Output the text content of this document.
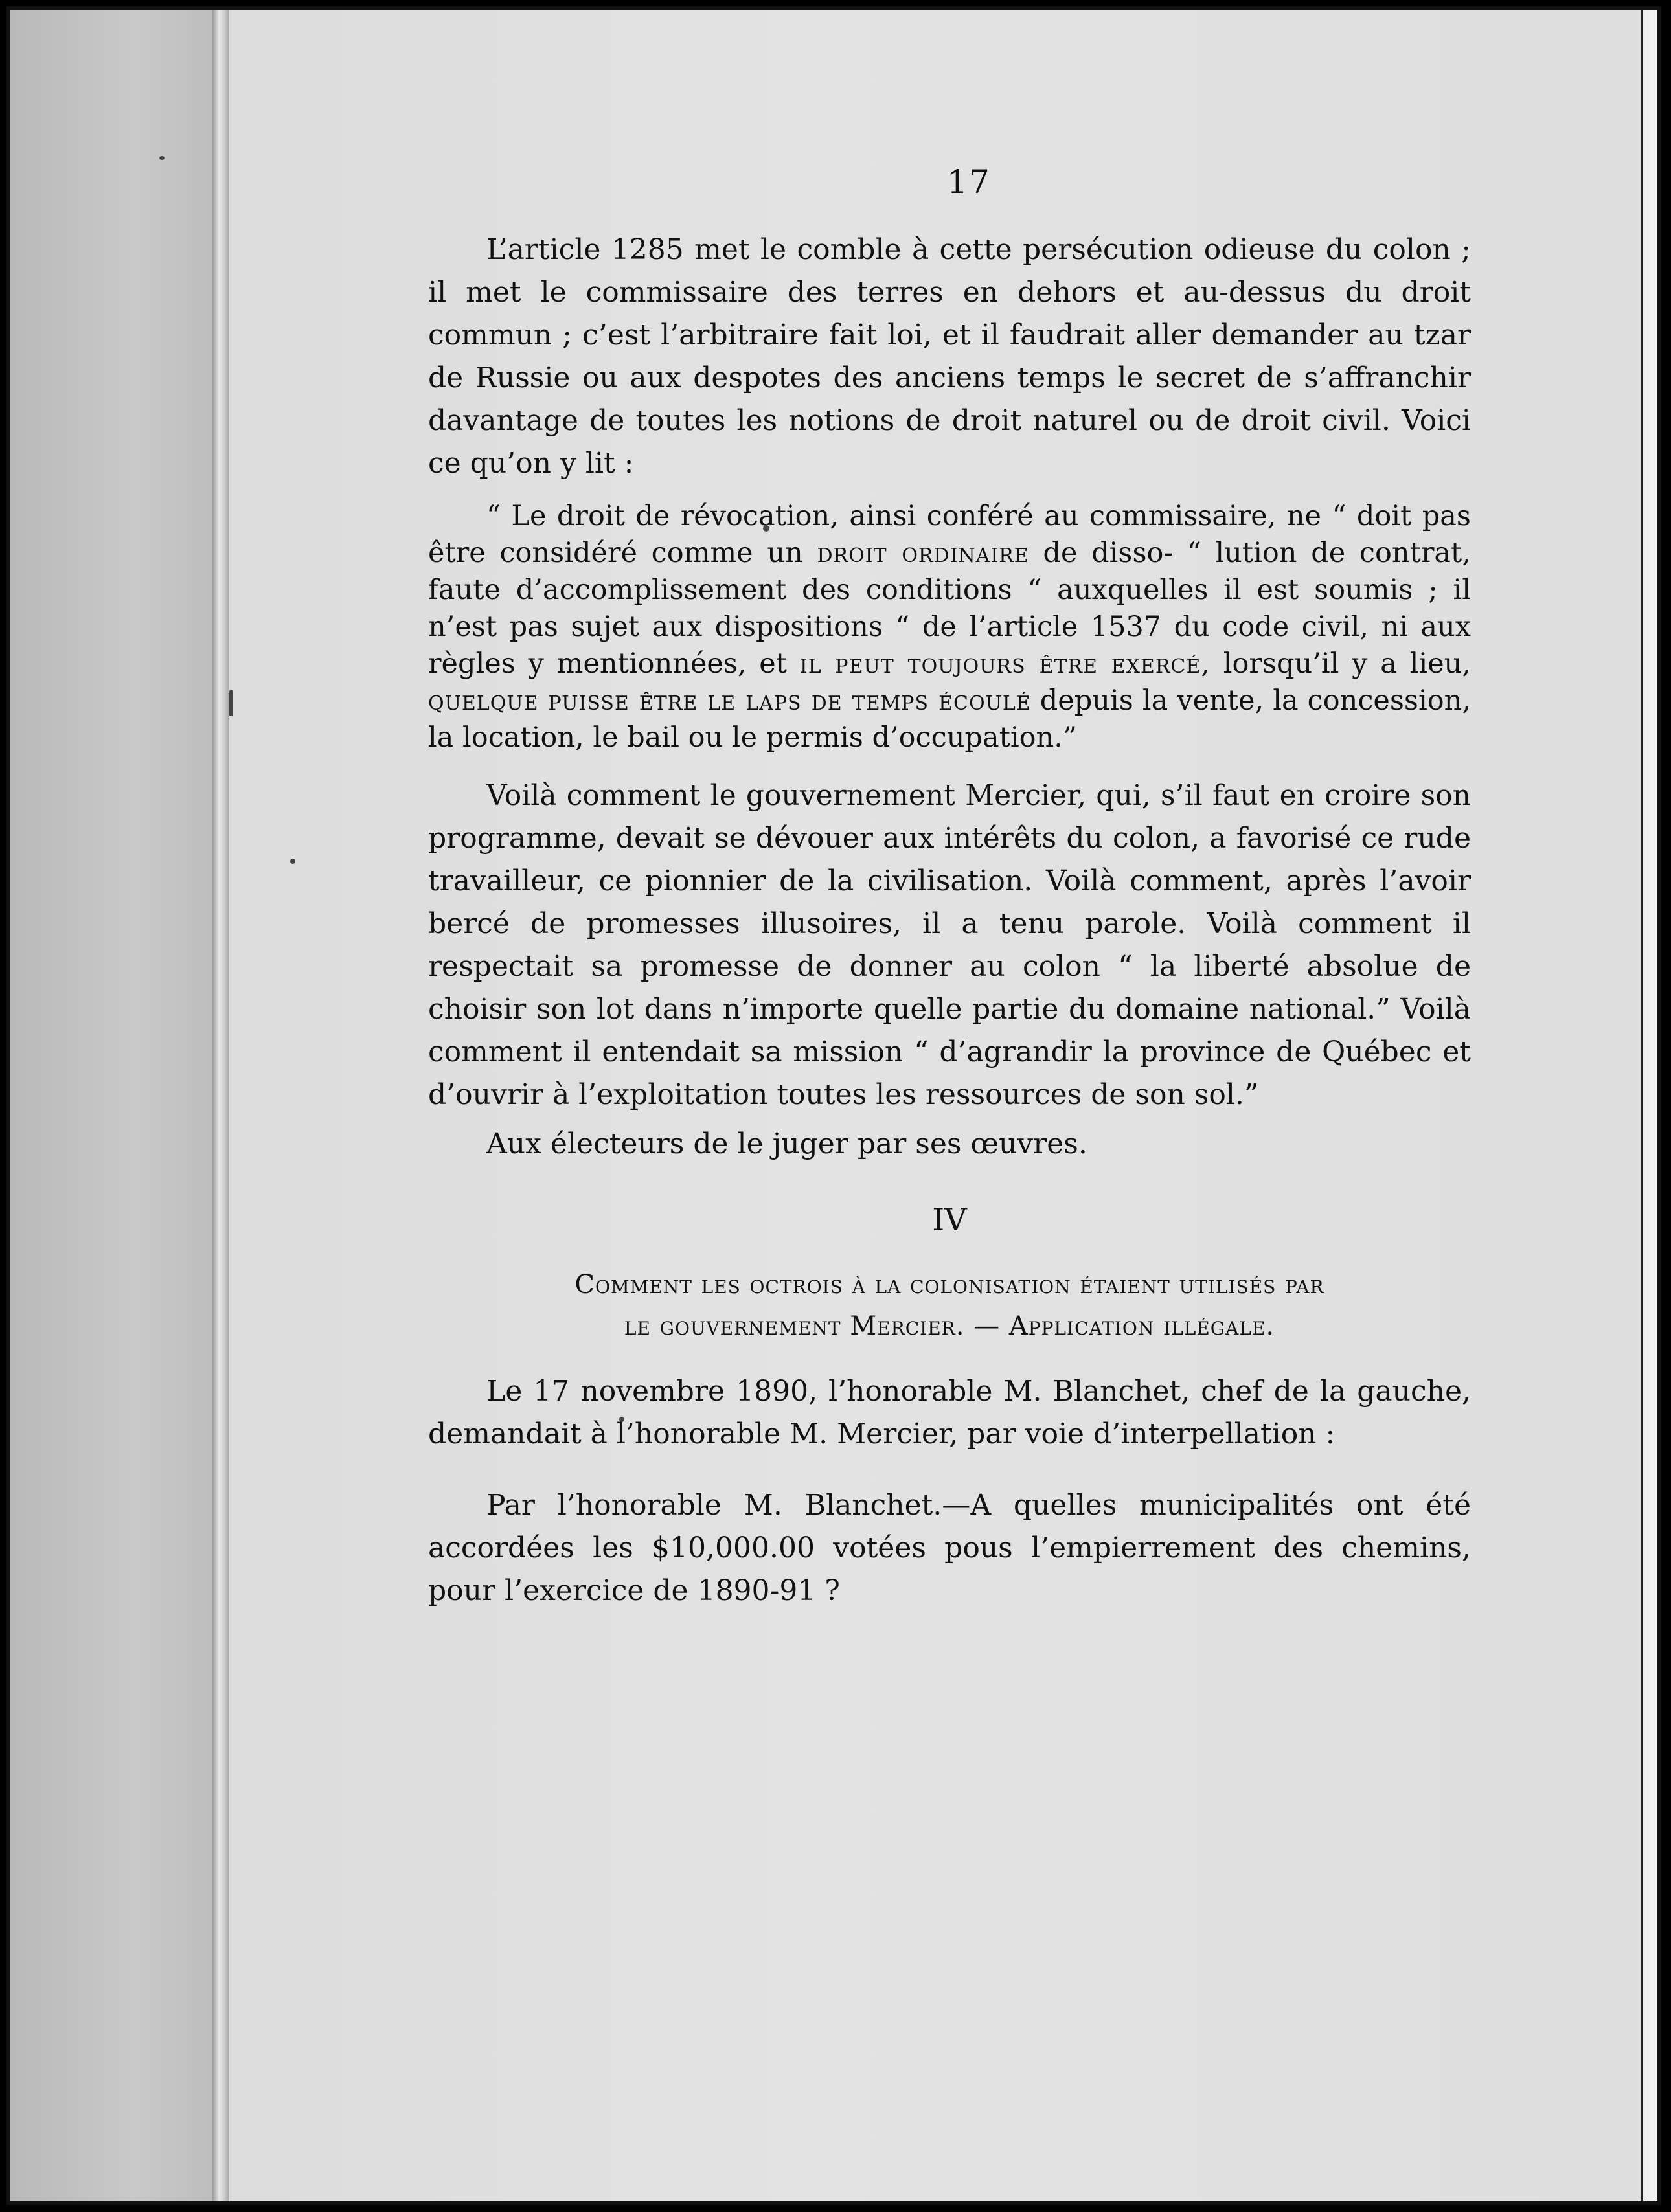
17

L’article 1285 met le comble à cette persécution odieuse du colon ; il met le commissaire des terres en dehors et au-dessus du droit commun ; c’est l’arbitraire fait loi, et il faudrait aller demander au tzar de Russie ou aux despotes des anciens temps le secret de s’affranchir davantage de toutes les notions de droit naturel ou de droit civil. Voici ce qu’on y lit :

“ Le droit de révocation, ainsi conféré au commissaire, ne “ doit pas être considéré comme un droit ordinaire de disso- “ lution de contrat, faute d’accomplissement des conditions “ auxquelles il est soumis ; il n’est pas sujet aux dispositions “ de l’article 1537 du code civil, ni aux règles y mentionnées, et il peut toujours être exercé, lorsqu’il y a lieu, quelque puisse être le laps de temps écoulé depuis la vente, la concession, la location, le bail ou le permis d’occupation.”

Voilà comment le gouvernement Mercier, qui, s’il faut en croire son programme, devait se dévouer aux intérêts du colon, a favorisé ce rude travailleur, ce pionnier de la civilisation. Voilà comment, après l’avoir bercé de promesses illusoires, il a tenu parole. Voilà comment il respectait sa promesse de donner au colon “ la liberté absolue de choisir son lot dans n’importe quelle partie du domaine national.” Voilà comment il entendait sa mission “ d’agrandir la province de Québec et d’ouvrir à l’exploitation toutes les ressources de son sol.”

Aux électeurs de le juger par ses œuvres.

IV
Comment les octrois à la colonisation étaient utilisés par
le gouvernement Mercier. — Application illégale.

Le 17 novembre 1890, l’honorable M. Blanchet, chef de la gauche, demandait à l’honorable M. Mercier, par voie d’interpellation :

Par l’honorable M. Blanchet.—A quelles municipalités ont été accordées les $10,000.00 votées pous l’empierrement des chemins, pour l’exercice de 1890-91 ?
